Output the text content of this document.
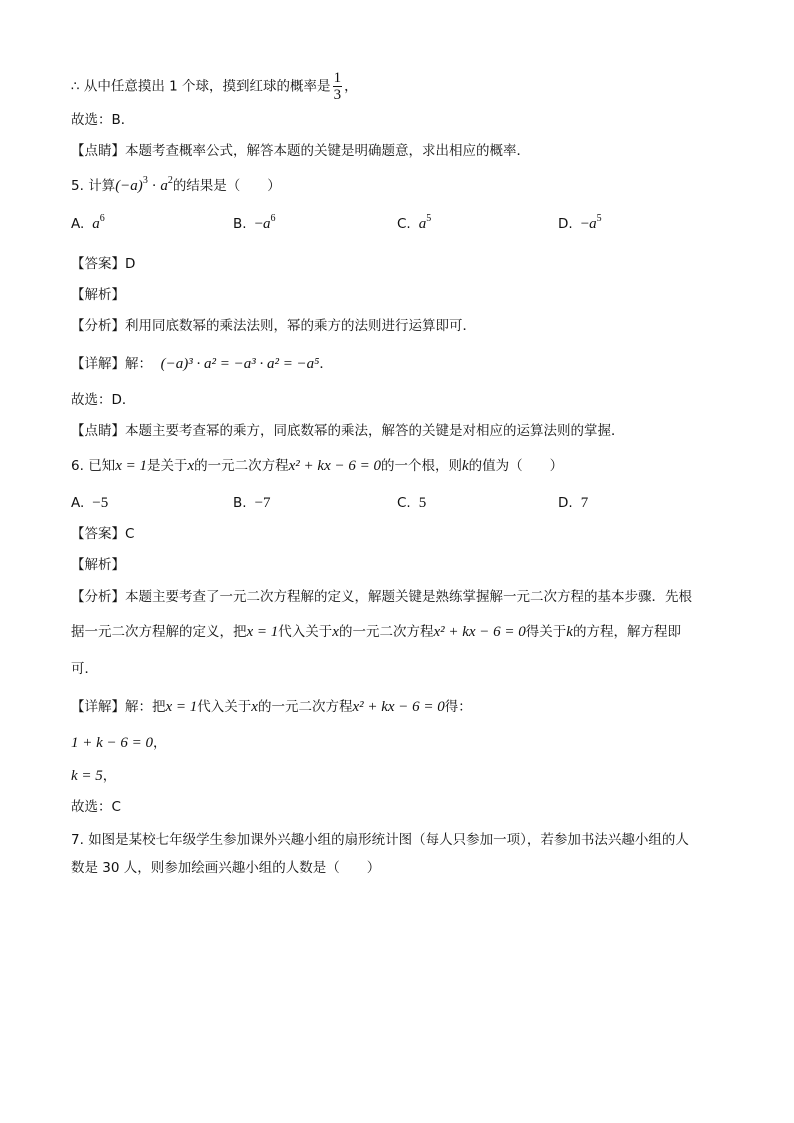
∴ 从中任意摸出 1 个球，摸到红球的概率是 $\frac{1}{3}$ ，
故选：B．
【点睛】本题考查概率公式，解答本题的关键是明确题意，求出相应的概率．
5. 计算$(-a)^3 \cdot a^2$的结果是（　　）
A. $a^6$	B. $-a^6$	C. $a^5$	D. $-a^5$
【答案】D
【解析】
【分析】利用同底数幂的乘法法则，幂的乘方的法则进行运算即可．
【详解】解： (−a)³ · a² = −a³ · a² = −a⁵．
故选：D．
【点睛】本题主要考查幂的乘方，同底数幂的乘法，解答的关键是对相应的运算法则的掌握．
6. 已知x = 1是关于x的一元二次方程x² + kx − 6 = 0的一个根，则k的值为（　　）
A. −5	B. −7	C. 5	D. 7
【答案】C
【解析】
【分析】本题主要考查了一元二次方程解的定义，解题关键是熟练掌握解一元二次方程的基本步骤．先根
据一元二次方程解的定义，把x = 1代入关于x的一元二次方程x² + kx − 6 = 0得关于k的方程，解方程即
可．
【详解】解：把x = 1代入关于x的一元二次方程x² + kx − 6 = 0得：
1 + k − 6 = 0，
k = 5，
故选：C
7. 如图是某校七年级学生参加课外兴趣小组的扇形统计图（每人只参加一项），若参加书法兴趣小组的人
数是 30 人，则参加绘画兴趣小组的人数是（　　）
